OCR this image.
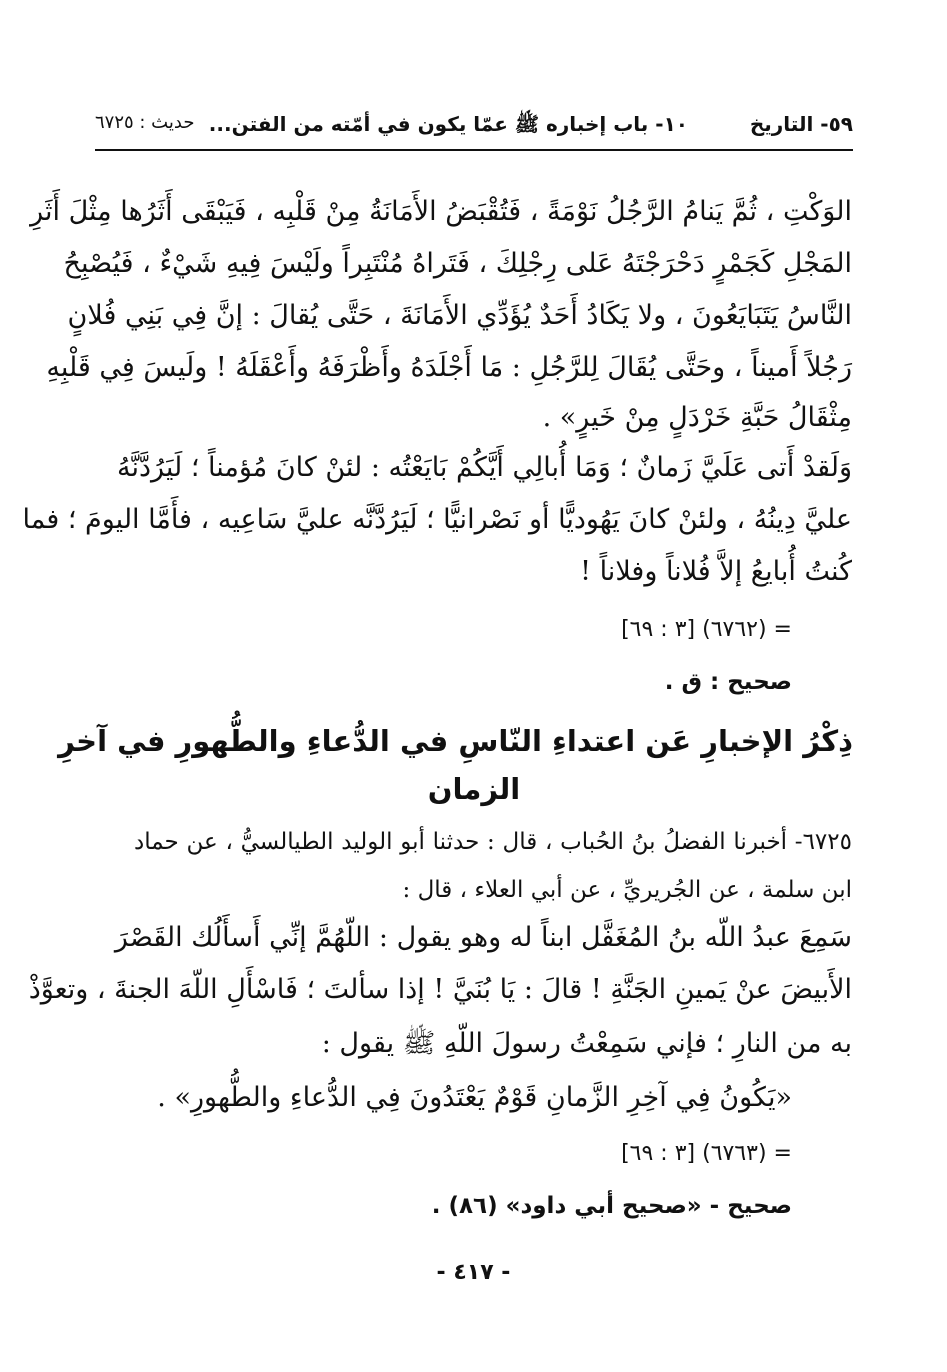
٥٩- التاريخ
١٠- باب إخباره ﷺ عمّا يكون في أمّته من الفتن...
حديث : ٦٧٢٥
الوَكْتِ ، ثُمَّ يَنامُ الرَّجُلُ نَوْمَةً ، فَتُقْبَضُ الأَمَانَةُ مِنْ قَلْبِه ، فَيَبْقَى أَثَرُها مِثْلَ أَثَرِ
المَجْلِ كَجَمْرٍ دَحْرَجْتَهُ عَلى رِجْلِكَ ، فَتَراهُ مُنْتَبِراً ولَيْسَ فِيهِ شَيْءٌ ، فَيُصْبِحُ
النَّاسُ يَتَبَايَعُونَ ، ولا يَكَادُ أَحَدٌ يُؤَدِّي الأَمَانَةَ ، حَتَّى يُقالَ : إنَّ فِي بَنِي فُلانٍ
رَجُلاً أَميناً ، وحَتَّى يُقَالَ لِلرَّجُلِ : مَا أَجْلَدَهُ وأَظْرَفَهُ وأَعْقَلَهُ ! ولَيسَ فِي قَلْبِهِ
مِثْقَالُ حَبَّةِ خَرْدَلٍ مِنْ خَيرٍ» .
وَلَقدْ أَتى عَلَيَّ زَمانٌ ؛ وَمَا أُبالِي أَيَّكُمْ بَايَعْتُه : لئنْ كانَ مُؤمناً ؛ لَيَرُدَّنَّهُ
عليَّ دِينُهُ ، ولئنْ كانَ يَهُوديًّا أو نَصْرانيًّا ؛ لَيَرُدَّنَّه عليَّ سَاعِيه ، فأَمَّا اليومَ ؛ فما
كُنتُ أُبايعُ إلاَّ فُلاناً وفلاناً !
= (٦٧٦٢) [٣ : ٦٩]
صحيح : ق .
ذِكْرُ الإخبارِ عَن اعتداءِ النّاسِ في الدُّعاءِ والطُّهورِ في آخرِ
الزمان
٦٧٢٥- أخبرنا الفضلُ بنُ الحُباب ، قال : حدثنا أبو الوليد الطيالسيُّ ، عن حماد
ابن سلمة ، عن الجُريريِّ ، عن أبي العلاء ، قال :
سَمِعَ عبدُ اللّه بنُ المُغَفَّل ابناً له وهو يقول : اللّهُمَّ إنِّي أَسأَلُك القَصْرَ
الأَبيضَ عنْ يَمينِ الجَنَّةِ ! قالَ : يَا بُنَيَّ ! إذا سألتَ ؛ فَاسْأَلِ اللّهَ الجنةَ ، وتعوَّذْ
به من النارِ ؛ فإني سَمِعْتُ رسولَ اللّهِ ﷺ يقول :
«يَكُونُ فِي آخِرِ الزَّمانِ قَوْمٌ يَعْتَدُونَ فِي الدُّعاءِ والطُّهورِ» .
= (٦٧٦٣) [٣ : ٦٩]
صحيح - «صحيح أبي داود» (٨٦) .
- ٤١٧ -
